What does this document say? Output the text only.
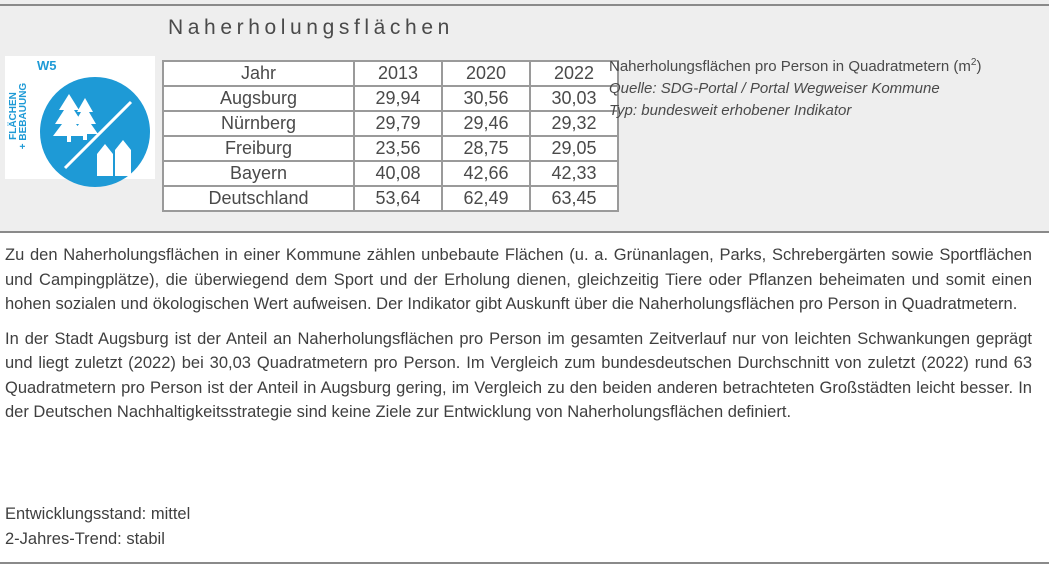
Naherholungsflächen
FLÄCHEN + BEBAUUNG
W5	Jahr	2013	2020	2022
Augsburg	29,94	30,56	30,03
Nürnberg	29,79	29,46	29,32
Freiburg	23,56	28,75	29,05
Bayern	40,08	42,66	42,33
Deutschland	53,64	62,49	63,45
Naherholungsflächen pro Person in Quadratmetern $(m^2)$
Quelle: SDG-Portal / Portal Wegweiser Kommune
Typ: bundesweit erhobener Indikator

Zu den Naherholungsflächen in einer Kommune zählen unbebaute Flächen (u. a. Grünanlagen, Parks, Schrebergärten sowie Sportflächen und Campingplätze), die überwiegend dem Sport und der Erholung dienen, gleichzeitig Tiere oder Pflanzen beheimaten und somit einen hohen sozialen und ökologischen Wert aufweisen. Der Indikator gibt Auskunft über die Naherholungsflächen pro Person in Quadratmetern.

In der Stadt Augsburg ist der Anteil an Naherholungsflächen pro Person im gesamten Zeitverlauf nur von leichten Schwankungen geprägt und liegt zuletzt (2022) bei 30,03 Quadratmetern pro Person. Im Vergleich zum bundesdeutschen Durchschnitt von zuletzt (2022) rund 63 Quadratmetern pro Person ist der Anteil in Augsburg gering, im Vergleich zu den beiden anderen betrachteten Großstädten leicht besser. In der Deutschen Nachhaltigkeitsstrategie sind keine Ziele zur Entwicklung von Naherholungsflächen definiert.

Entwicklungsstand: mittel
2-Jahres-Trend: stabil
